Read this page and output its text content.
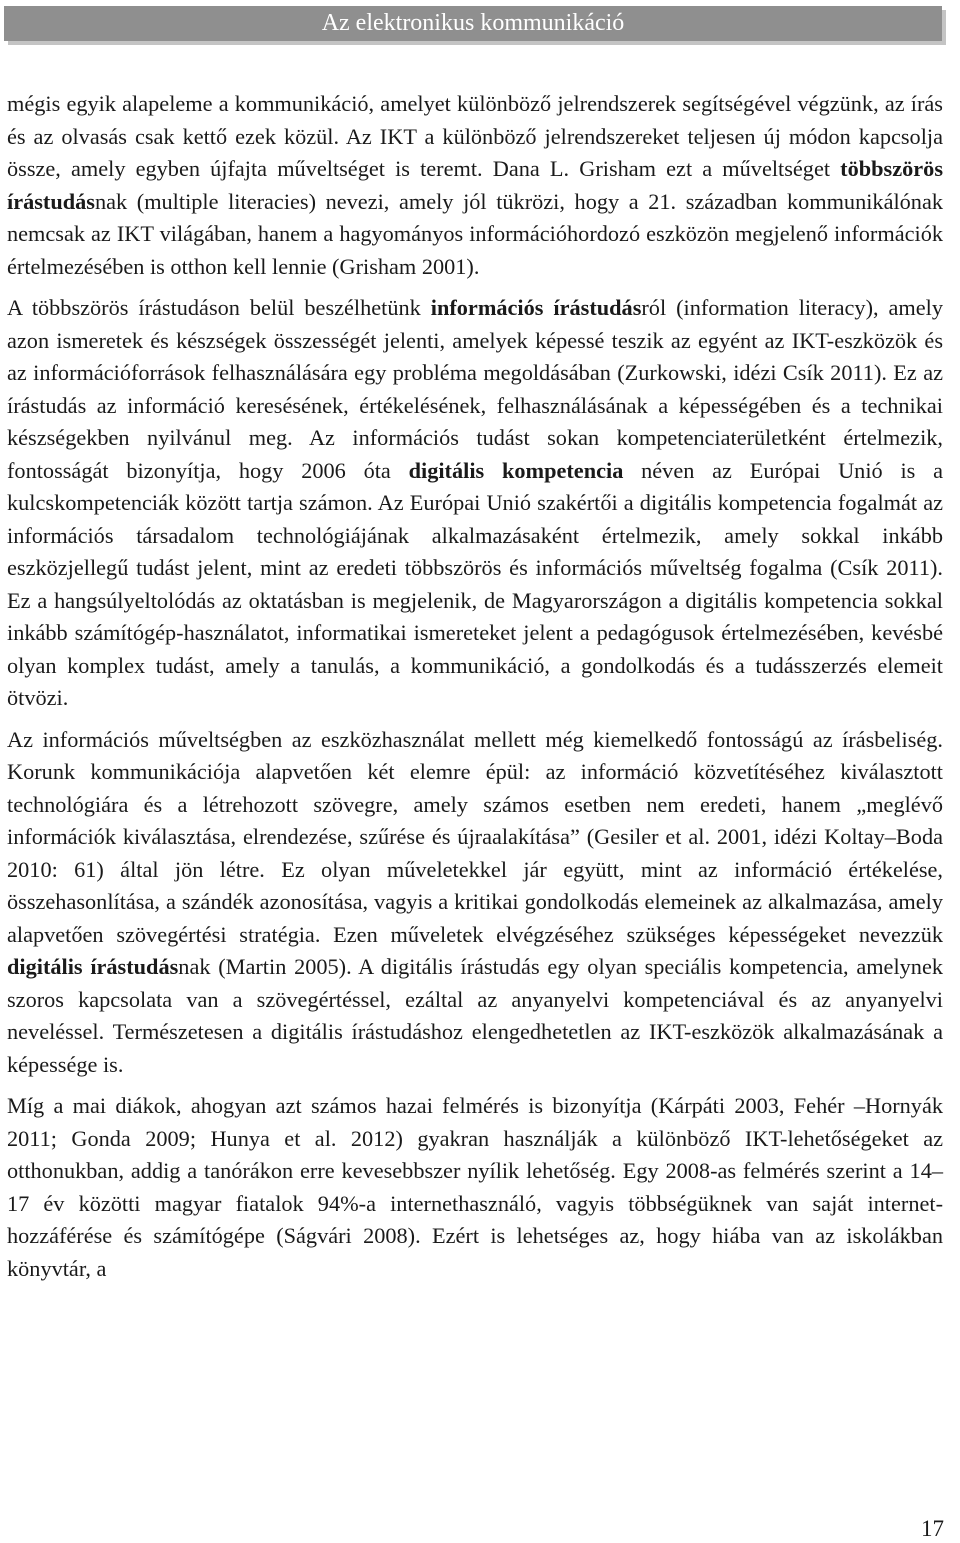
Az elektronikus kommunikáció

mégis egyik alapeleme a kommunikáció, amelyet különböző jelrendszerek segítségével végzünk, az írás és az olvasás csak kettő ezek közül. Az IKT a különböző jelrendszereket teljesen új módon kapcsolja össze, amely egyben újfajta műveltséget is teremt. Dana L. Grisham ezt a műveltséget többszörös írástudásnak (multiple literacies) nevezi, amely jól tükrözi, hogy a 21. században kommunikálónak nemcsak az IKT világában, hanem a hagyományos információhordozó eszközön megjelenő információk értelmezésében is otthon kell lennie (Grisham 2001).

A többszörös írástudáson belül beszélhetünk információs írástudásról (information literacy), amely azon ismeretek és készségek összességét jelenti, amelyek képessé teszik az egyént az IKT-eszközök és az információforrások felhasználására egy probléma megoldásában (Zurkowski, idézi Csík 2011). Ez az írástudás az információ keresésének, értékelésének, felhasználásának a képességében és a technikai készségekben nyilvánul meg. Az információs tudást sokan kompetenciaterületként értelmezik, fontosságát bizonyítja, hogy 2006 óta digitális kompetencia néven az Európai Unió is a kulcskompetenciák között tartja számon. Az Európai Unió szakértői a digitális kompetencia fogalmát az információs társadalom technológiájának alkalmazásaként értelmezik, amely sokkal inkább eszközjellegű tudást jelent, mint az eredeti többszörös és információs műveltség fogalma (Csík 2011). Ez a hangsúlyeltolódás az oktatásban is megjelenik, de Magyarországon a digitális kompetencia sokkal inkább számítógép-használatot, informatikai ismereteket jelent a pedagógusok értelmezésében, kevésbé olyan komplex tudást, amely a tanulás, a kommunikáció, a gondolkodás és a tudásszerzés elemeit ötvözi.

Az információs műveltségben az eszközhasználat mellett még kiemelkedő fontosságú az írásbeliség. Korunk kommunikációja alapvetően két elemre épül: az információ közvetítéséhez kiválasztott technológiára és a létrehozott szövegre, amely számos esetben nem eredeti, hanem „meglévő információk kiválasztása, elrendezése, szűrése és újraalakítása” (Gesiler et al. 2001, idézi Koltay–Boda 2010: 61) által jön létre. Ez olyan műveletekkel jár együtt, mint az információ értékelése, összehasonlítása, a szándék azonosítása, vagyis a kritikai gondolkodás elemeinek az alkalmazása, amely alapvetően szövegértési stratégia. Ezen műveletek elvégzéséhez szükséges képességeket nevezzük digitális írástudásnak (Martin 2005). A digitális írástudás egy olyan speciális kompetencia, amelynek szoros kapcsolata van a szövegértéssel, ezáltal az anyanyelvi kompetenciával és az anyanyelvi neveléssel. Természetesen a digitális írástudáshoz elengedhetetlen az IKT-eszközök alkalmazásának a képessége is.

Míg a mai diákok, ahogyan azt számos hazai felmérés is bizonyítja (Kárpáti 2003, Fehér –Hornyák 2011; Gonda 2009; Hunya et al. 2012) gyakran használják a különböző IKT-lehetőségeket az otthonukban, addig a tanórákon erre kevesebbszer nyílik lehetőség. Egy 2008-as felmérés szerint a 14–17 év közötti magyar fiatalok 94%-a internethasználó, vagyis többségüknek van saját internet-hozzáférése és számítógépe (Ságvári 2008). Ezért is lehetséges az, hogy hiába van az iskolákban könyvtár, a

17
